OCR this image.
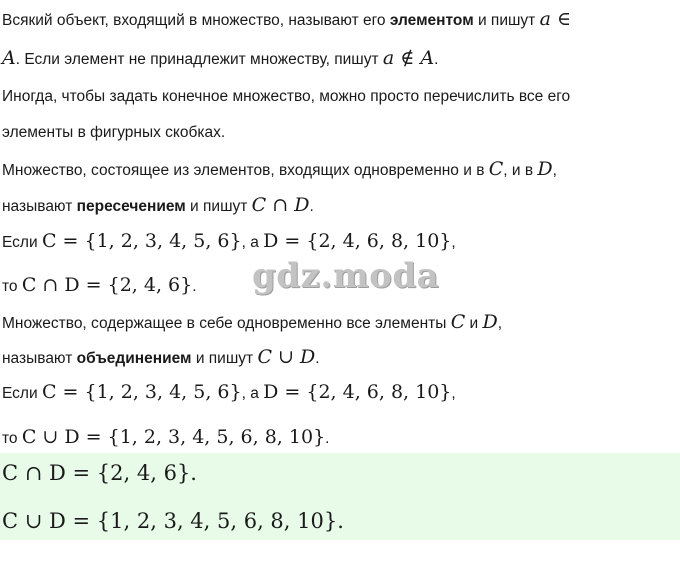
Всякий объект, входящий в множество, называют его элементом и пишут a ∈
A. Если элемент не принадлежит множеству, пишут a ∉ A.
Иногда, чтобы задать конечное множество, можно просто перечислить все его
элементы в фигурных скобках.
Множество, состоящее из элементов, входящих одновременно и в C, и в D,
называют пересечением и пишут C ∩ D.
Если C = {1, 2, 3, 4, 5, 6}, а D = {2, 4, 6, 8, 10},
то C ∩ D = {2, 4, 6}.
Множество, содержащее в себе одновременно все элементы C и D,
называют объединением и пишут C ∪ D.
Если C = {1, 2, 3, 4, 5, 6}, а D = {2, 4, 6, 8, 10},
то C ∪ D = {1, 2, 3, 4, 5, 6, 8, 10}.
C ∩ D = {2, 4, 6}.
C ∪ D = {1, 2, 3, 4, 5, 6, 8, 10}.
gdz.moda
